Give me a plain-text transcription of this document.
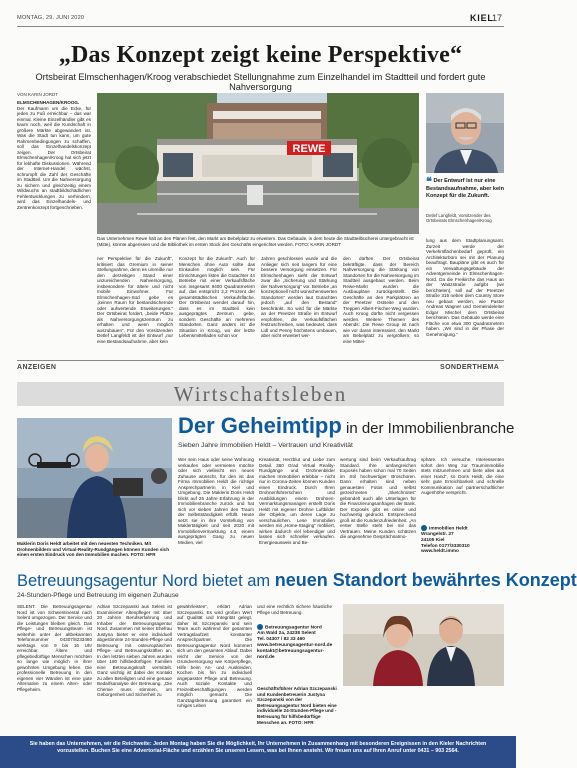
MONTAG, 29. JUNI 2020	KIEL
17
„Das Konzept zeigt keine Perspektive“
Ortsbeirat Elmschenhagen/Kroog verabschiedet Stellungnahme zum Einzelhandel im Stadtteil und fordert gute Nahversorgung
VON KARIN JORDT
ELMSCHENHAGEN/KROOG.
Der Kaufmann um die Ecke, für jeden zu Fuß erreichbar – das war einmal. Kleine Einzelhändler gibt es kaum noch, weil die Kundschaft in größere Märkte abgewandert ist. Was die Stadt tun kann, um gute Rahmenbedingungen zu schaffen, soll das Einzelhandelskonzept zeigen. Der Ortsbeirat Elmschenhagen/Kroog hat sich jetzt für lebhafte Diskussionen. Während der Internet-Handel wächst, schrumpft die Zahl der Geschäfte im Stadtteil. Um die Nahversorgung zu sichern und gleichzeitig einem Wildwuchs an stadtbildschädlichen Fehlentwicklungen zu verhindern, wird das Einzelhandels- und Zentrenkonzept fortgeschrieben.
REWE
Das Unternehmen Rewe hält an den Plänen fest, den Markt am Bebelplatz zu erweitern. Das Gebäude, in dem heute die Stadtteilbücherei untergebracht ist (Mitte), könnte abgerissen und die Bibliothek im ersten Stock des Geschäfts eingerichtet werden. FOTO: KARIN JORDT
❝ Der Entwurf ist nur eine Bestandsaufnahme, aber kein Konzept für die Zukunft.
Detlef Langfeldt, Vorsitzender des Ortsbeirats Elmschenhagen/Kroog
ner Perspektive für die Zukunft“, kritisiert das Gremium in seiner Stellungnahme, denn es umreiße nur den derzeitigen Stand einer unzureichenden Nahversorgung, insbesondere für ältere und nicht mobile Einwohner. Für Elmschenhagen-Süd gebe es „keinen Raum für bestandsichernde oder aufwertende Erweiterungen.“ Der Ortsbeirat fordert, „beide Plätze als Nahversorgungszentrum zu erhalten und wenn möglich auszubauen“. Für den Vorsitzenden Detlef Langfeldt ist der Entwurf „nur eine Bestandsaufnahme, aber kein
Konzept für die Zukunft“. Auch für Menschen ohne Auto sollte das Einkaufen möglich sein. Für Einrichtungen listen die Gutachter 44 Betriebe mit einer Verkaufsfläche von insgesamt 9400 Quadratmetern auf, das entspricht 2,2 Prozent der gesamtstädtischen Verkaufsfläche. Der Ortsbeirat wendet darauf hin, dass es im Stadtteil kein ausgeprägtes Zentrum gebe, sondern Geschäfte an mehreren Standorten. Ganz anders ist die Situation in Kroog, wo der letzte Lebensmittelladen schon vor
Jahren geschlossen wurde und die Anlieger sich seit langem für eine bessere Versorgung einsetzen. Für Elmschenhagen sieht der Entwurf zwar die „Sicherung und Stärkung der Nahversorgung“ vor. Betriebe „an konzeptionell nicht wünschenswerten Standorten“ werden laut Gutachten jedoch „auf den Bestand“ beschränkt. So wird für die Märkte an der Preetzer Straße im Entwurf empfohlen, die Verkaufsflächen festzuschreiben, was bedeutet, dass Lidl und Penny höchstens umbauen, aber nicht erweitert wer-
den dürften. Der Ortsbeirat bekräftigte, dass der Bereich Nahversorgung die Stärkung von Standorten für die Nahversorgung im Stadtteil ausgebaut werden. Beim Rewe-Markt wurden die Ausbaupläne zurückgestellt. Die Geschäfte an den Parkplätzen an der Preetzer Ostseite und den Treppen Albert-Fischer-Weg wurden. Auch Kroog dürfte nicht vergessen werden. Weitere Themen des Abends: Die Rewe Group ist nach wie vor daran interessiert, den Markt am Bebelplatz zu vergrößern, so eine Mittei-
lung aus dem Stadtplanungsamt. Zurzeit werde der Verkehrsflächenbedarf geprüft, ein Architekturbüro sei mit der Planung beauftragt. Baupläne gibt es auch für ein Verwaltungsgebäude der Adventgemeinde in Elmschenhagen-Nord. Da die Freikirche das Haus an der Waitzstraße aufgibt (wir berichteten), soll auf der Preetzer Straße 315 neben dem Country Store neu gebaut werden, wie Pastor Andreas Wagner und Gemeindeleiter Edgar Mischel dem Ortsbeirat berichteten. Das Gebäude werde eine Fläche von etwa 300 Quadratmetern haben. „Wir sind in der Phase der Genehmigung.“
ANZEIGEN	SONDERTHEMA
Wirtschaftsleben
Maklerin Doris Heldt arbeitet mit den neuesten Techniken. Mit Drohnenbildern und Virtual-Reality-Rundgängen können Kunden sich einen ersten Eindruck von den Immobilien machen. FOTO: HFR
Der Geheimtipp in der Immobilienbranche
Sieben Jahre Immobilien Heldt – Vertrauen und Kreativität
Wer sein Haus oder seine Wohnung verkaufen oder vermieten möchte oder sich vielleicht ein neues Zuhause wünscht, für den ist das Firma Immobilien Heldt die richtige Ansprechpartnerin in Kiel und Umgebung. Die Maklerin Doris Heldt blickt auf 25 Jahre Erfahrung in der Immobilienbranche zurück und hat sich vor sieben Jahren den Traum der Selbstständigkeit erfüllt. Heute setzt sie in ihre Vorstellung von Maklertätigkeit und seit 2020 mit Immobilienvermarktung 4.0, einem ausgeprägten Gang zu neuen Medien, viel
Kreativität, Herzblut und Liebe zum Detail. 360 Grad Virtual Reality-Rundgänge und Drohnenbilder machen Immobilien erlebbar – nicht nur in Corona-Zeiten können Kunden einen Eindruck. Durch Ihren Drohnenführerschein und Ausbildungen einem Drohnen-Vermarktungsmanagen erstellt Doris Heldt mit eigener Drohne Luftbilder der Objekte, um deren Lage zu verschaulichen. Lese Immobilien werden mit „Home-Staging“ möbliert, wirken dadurch viel lebendiger und lassen sich schneller verkaufen. Energieausweis und Be-
wertung sind beim Verkaufsauftrag Standard. Ihre umfangreichen Exposés haben schon mal 70 Seiten im Stil hochwertiger Broschüren. Dann erhalten sind neben genauesten Fotos und selbst gezeichneten „Sketchnotes“ gebündelt auch alle Unterlagen für die Finanzierungsanfragen der Bank. Der Exposés gibt es online und hochwertig gedruckt. Entsprechend groß ist die Kundenzufriedenheit. „An erster Stelle steht bei mir das Vertrauen. Meine Kunden schätzen die angenehme Gesprächsatmo-
sphäre. Ich versuche, Interessenten sofort den Weg zur Traumimmobilie stets mitzunehmen und biete alles aus einer Hand“, so Doris Heldt, die eine sehr gute Erreichbarkeit und schnelle Kommunikation auf partnerschaftlicher Augenhöhe verspricht.
Immobilien Heldt
Wrangelstr. 27
24105 Kiel
Telefon 0177/3330310
www.heldt.immo
Betreuungsagentur Nord bietet am neuen Standort bewährtes Konzept
24-Stunden-Pflege und Betreuung im eigenen Zuhause
SELENT. Die Betreuungsagentur Nord ist von Schwentinental nach Selent umgezogen. Der Service und die Leistungen bleiben gleich. Das Pflege- und Betreuungsteam ist weiterhin unter der altbekannten Telefonnummer 04307/8233460 werktags von 9 bis 16 Uhr erreichbar. Ältere und pflegebedürftige Menschen möchten so lange wie möglich in ihrer gewohnten Umgebung leben. Die professionelle Betreuung in den eigenen vier Wänden ist eine gute Alternative zu einem Alten- oder Pflegeheim.
Adrian Szczepanski aus Selent ist Examinierter Altenpfleger mit über 20 Jahren Berufserfahrung und Inhaber der Betreuungsagentur Nord. Zusammen mit seiner Ehefrau Justyna bietet er eine individuell abgestimmte 24-Stunden-Pflege und Betreuung mit osteuropäischen Pflege- und Betreuungskräften an. In den letzten sieben Jahren wurden über 180 hilfsbedürftigen Familien eine Betreuungskraft vermittelt. Ganz wichtig ist dabei der Kontakt zu allen Beteiligten und eine genaue Bedarfsanalyse der Betreuung. „Die Chemie muss stimmen, um Geborgenheit und Sicherheit zu
gewährleisten“, erklärt Adrian Szczepanski. Es wird großen Wert auf Qualität und Integrität gelegt, daher ist Szczepanski und sein Team auch während der gesamten Vertragslaufzeit konstanter Ansprechpartner. Die Betreuungsagentur Nord kümmert sich um den gesamten Ablauf. Dabei reicht der Service von der Grundversorgung wie Körperpflege, Hilfe beim An- und Auskleiden, Kochen bis hin zu individuell angepasster Pflege und Betreuung. Auch soziale Kontakte und Freizeitbeschäftigungen werden möglich gemacht. Die Ganztagsbetreuung garantiert ein ruhiges Leben
und eine rechtlich sichere häusliche Pflege und Betreuung.
Betreuungsagentur Nord
Am Wald 2a, 24238 Selent
Tel. 04307 / 82 33 460
www.betreuungsagentur-nord.de
kontakt@betreuungsagentur-nord.de
Geschäftsführer Adrian Szczepanski und Kundenbetreuerin Justyna Szczepanski von der Betreuungsagentur Nord bieten eine individuelle 24-Stunden-Pflege und -Betreuung für hilfsbedürftige Menschen an. FOTO: HFR
Sie haben das Unternehmen, wir die Reichweite: Jeden Montag haben Sie die Möglichkeit, Ihr Unternehmen in Zusammenhang mit besonderen Ereignissen in den Kieler Nachrichten vorzustellen. Buchen Sie eine Advertorial-Fläche und erzählen Sie unseren Lesern, was bei Ihnen ansteht. Wir freuen uns auf Ihren Anruf unter 0431 – 903 2564.
